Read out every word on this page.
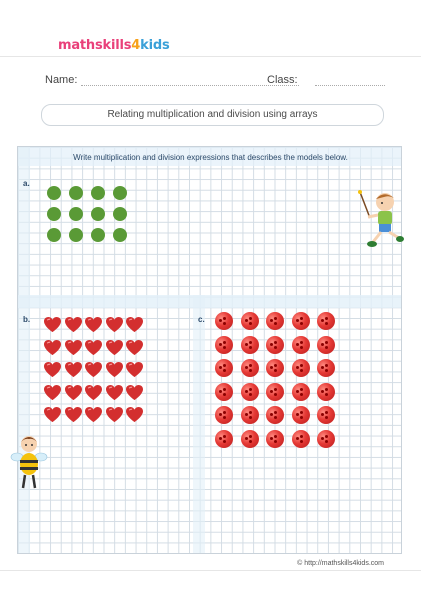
mathskills4kids
Name:	Class:
Relating multiplication and division using arrays
Write multiplication and division expressions that describes the models below.
a.
b.	c.
© http://mathskills4kids.com
